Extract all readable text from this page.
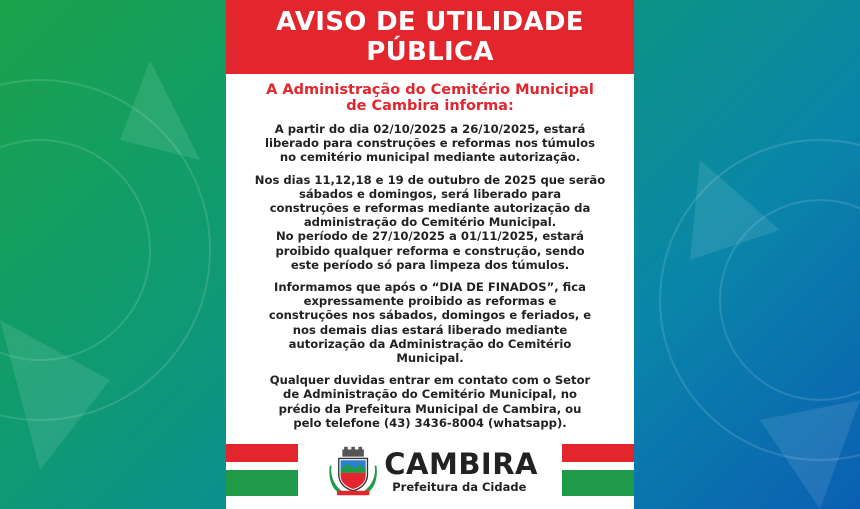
AVISO DE UTILIDADE
PÚBLICA
A Administração do Cemitério Municipal
de Cambira informa:
A partir do dia 02/10/2025 a 26/10/2025, estará
liberado para construções e reformas nos túmulos
no cemitério municipal mediante autorização.
Nos dias 11,12,18 e 19 de outubro de 2025 que serão
sábados e domingos, será liberado para
construções e reformas mediante autorização da
administração do Cemitério Municipal.
No período de 27/10/2025 a 01/11/2025, estará
proibido qualquer reforma e construção, sendo
este período só para limpeza dos túmulos.
Informamos que após o “DIA DE FINADOS”, fica
expressamente proibido as reformas e
construções nos sábados, domingos e feriados, e
nos demais dias estará liberado mediante
autorização da Administração do Cemitério
Municipal.
Qualquer duvidas entrar em contato com o Setor
de Administração do Cemitério Municipal, no
prédio da Prefeitura Municipal de Cambira, ou
pelo telefone (43) 3436-8004 (whatsapp).
CAMBIRA
Prefeitura da Cidade
